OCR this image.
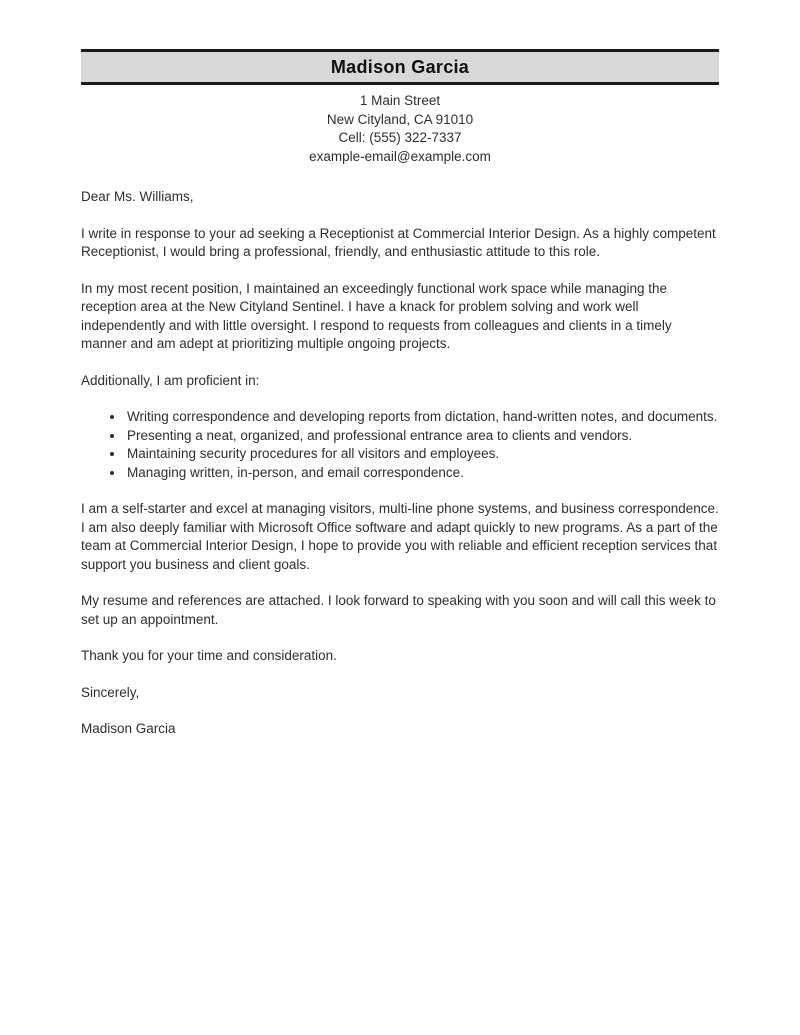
Madison Garcia
1 Main Street
New Cityland, CA 91010
Cell: (555) 322-7337
example-email@example.com

Dear Ms. Williams,

I write in response to your ad seeking a Receptionist at Commercial Interior Design. As a highly competent Receptionist, I would bring a professional, friendly, and enthusiastic attitude to this role.

In my most recent position, I maintained an exceedingly functional work space while managing the reception area at the New Cityland Sentinel. I have a knack for problem solving and work well independently and with little oversight. I respond to requests from colleagues and clients in a timely manner and am adept at prioritizing multiple ongoing projects.

Additionally, I am proficient in:

• Writing correspondence and developing reports from dictation, hand-written notes, and documents.
• Presenting a neat, organized, and professional entrance area to clients and vendors.
• Maintaining security procedures for all visitors and employees.
• Managing written, in-person, and email correspondence.

I am a self-starter and excel at managing visitors, multi-line phone systems, and business correspondence. I am also deeply familiar with Microsoft Office software and adapt quickly to new programs. As a part of the team at Commercial Interior Design, I hope to provide you with reliable and efficient reception services that support you business and client goals.

My resume and references are attached. I look forward to speaking with you soon and will call this week to set up an appointment.

Thank you for your time and consideration.

Sincerely,

Madison Garcia
